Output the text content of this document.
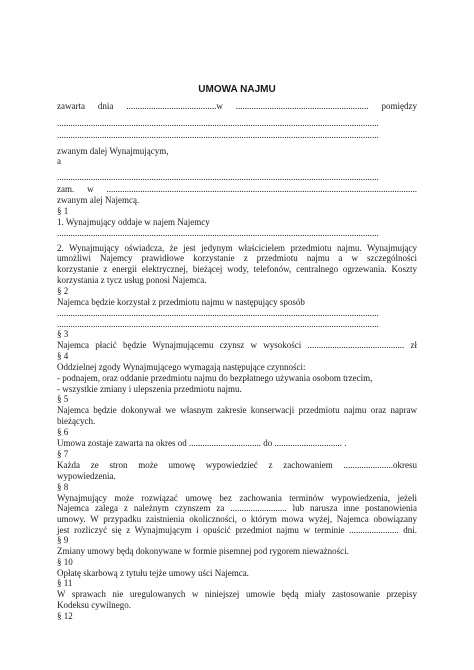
UMOWA NAJMU
zawarta dnia ........................................w ........................................................... pomiędzy
...............................................................................................................................................
...............................................................................................................................................
zwanym dalej Wynajmującym,
a
...............................................................................................................................................
zam. w ..........................................................................................................................................
zwanym alej Najemcą.
§ 1
1. Wynajmujący oddaje w najem Najemcy
...............................................................................................................................................
2. Wynajmujący oświadcza, że jest jedynym właścicielem przedmiotu najmu. Wynajmujący
umożliwi Najemcy prawidłowe korzystanie z przedmiotu najmu a w szczególności
korzystanie z energii elektrycznej, bieżącej wody, telefonów, centralnego ogrzewania. Koszty
korzystania z tycz usług ponosi Najemca.
§ 2
Najemca będzie korzystał z przedmiotu najmu w następujący sposób
...............................................................................................................................................
...............................................................................................................................................
§ 3
Najemca płacić będzie Wynajmującemu czynsz w wysokości ........................................... zł
§ 4
Oddzielnej zgody Wynajmującego wymagają następujące czynności:
- podnajem, oraz oddanie przedmiotu najmu do bezpłatnego używania osobom trzecim,
- wszystkie zmiany i ulepszenia przedmiotu najmu.
§ 5
Najemca będzie dokonywał we własnym zakresie konserwacji przedmiotu najmu oraz napraw
bieżących.
§ 6
Umowa zostaje zawarta na okres od ................................ do .............................. .
§ 7
Każda ze stron może umowę wypowiedzieć z zachowaniem ......................okresu
wypowiedzenia.
§ 8
Wynajmujący może rozwiązać umowę bez zachowania terminów wypowiedzenia, jeżeli
Najemca zalega z należnym czynszem za ......................... lub narusza inne postanowienia
umowy. W przypadku zaistnienia okoliczności, o którym mowa wyżej, Najemca obowiązany
jest rozliczyć się z Wynajmującym i opuścić przedmiot najmu w terminie ...................... dni.
§ 9
Zmiany umowy będą dokonywane w formie pisemnej pod rygorem nieważności.
§ 10
Opłatę skarbową z tytułu tejże umowy uści Najemca.
§ 11
W sprawach nie uregulowanych w niniejszej umowie będą miały zastosowanie przepisy
Kodeksu cywilnego.
§ 12
